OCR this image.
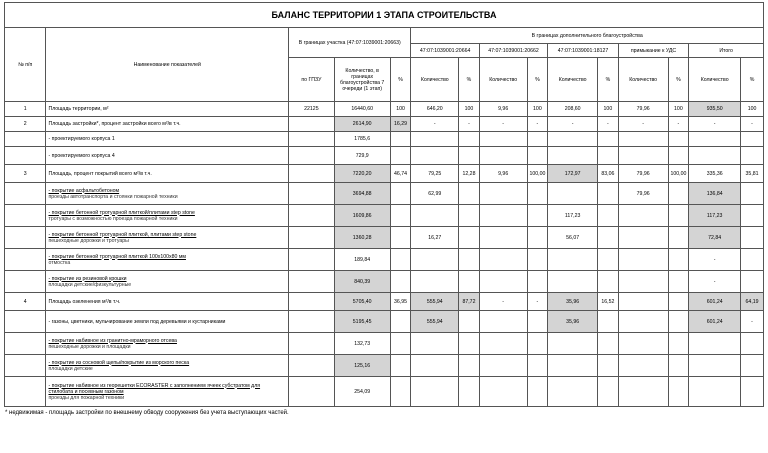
БАЛАНС ТЕРРИТОРИИ 1 ЭТАПА СТРОИТЕЛЬСТВА														
№ п/п	Наименование показателей	В границах участка (47:07:1039001:20663)			В границах дополнительного благоустройства									
					47:07:1039001:20664		47:07:1039001:20662		47:07:1039001:18127		примыкание к УДС		Итого	
		по ГПЗУ	Количество, в границах благоустройства 7 очереди (1 этап)	%	Количество	%	Количество	%	Количество	%	Количество	%	Количество	%
1	Площадь территории, м²	22125	16440,60	100	646,20	100	9,96	100	208,60	100	79,96	100	935,50	100
2	Площадь застройки*, процент застройки всего м²/в т.ч.		2614,90	16,29	-	-	-	-	-	-	-	-	-	-

	- проектируемого корпуса 1		1785,6											

	- проектируемого корпуса 4		729,9											
3	Площадь, процент покрытий всего м²/в т.ч.		7220,20	46,74	79,25	12,28	9,96	100,00	172,97	83,06	79,96	100,00	335,36	35,81

	- покрытие асфальтобетоном
проезды автотранспорта и стоянки пожарной техники		3694,88		62,99						79,96		136,84	

	- покрытие бетонной тротуарной плиткой/плитами step stone
тротуары с возможностью проезда пожарной техники		1609,86						117,23				117,23	

	- покрытие бетонной тротуарной плиткой, плитами step stone
пешеходные дорожки и тротуары		1360,28		16,27				56,07				72,84	

	- покрытие бетонной тротуарной плиткой 100х100х80 мм
отмостка		189,84										-	

	- покрытие из резиновой крошки
площадки детские/физкультурные		840,39										-	
4	Площадь озеленения м²/в т.ч.		5705,40	36,95	555,94	87,72	-	-	35,96	16,52			601,24	64,19

	- газоны, цветники, мульчирование земли под деревьями и кустарниками		5195,45		555,94				35,96				601,24	-

	- покрытие набивное из гранитно-мраморного отсева
пешеходные дорожки и площадки		132,73											

	- покрытие из сосновой щепы/покрытие из морского песка
площадки детские		125,16											

	- покрытие набивное из георешетки ECORASTER с заполнением ячеек субстратом для стилобата и посевным газоном
проезды для пожарной техники		254,09											
* недвижимая - площадь застройки по внешнему обводу сооружения без учета выступающих частей.
